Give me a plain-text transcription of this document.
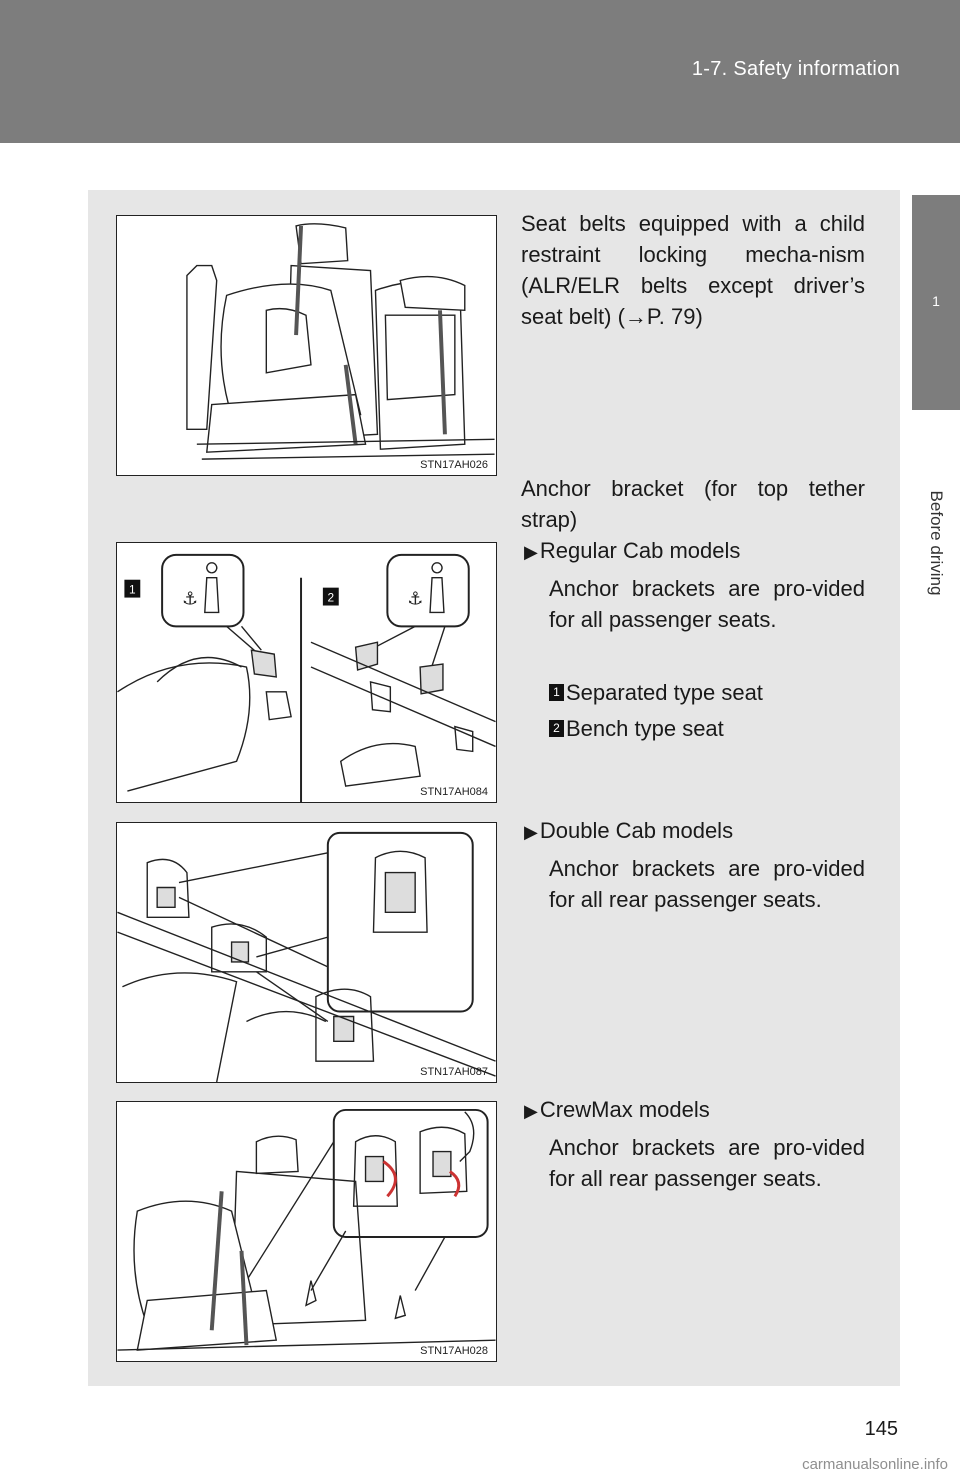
1-7. Safety information
1
Before driving
STN17AH026
Seat belts equipped with a child restraint locking mecha-nism (ALR/ELR belts except driver’s seat belt) (→P. 79)
Anchor bracket (for top tether strap)
1
2
⚓	⚓
STN17AH084
▶Regular Cab models
Anchor brackets are pro-vided for all passenger seats.
1 Separated type seat
2 Bench type seat
STN17AH087
▶Double Cab models
Anchor brackets are pro-vided for all rear passenger seats.
STN17AH028
▶CrewMax models
Anchor brackets are pro-vided for all rear passenger seats.
145
carmanualsonline.info
